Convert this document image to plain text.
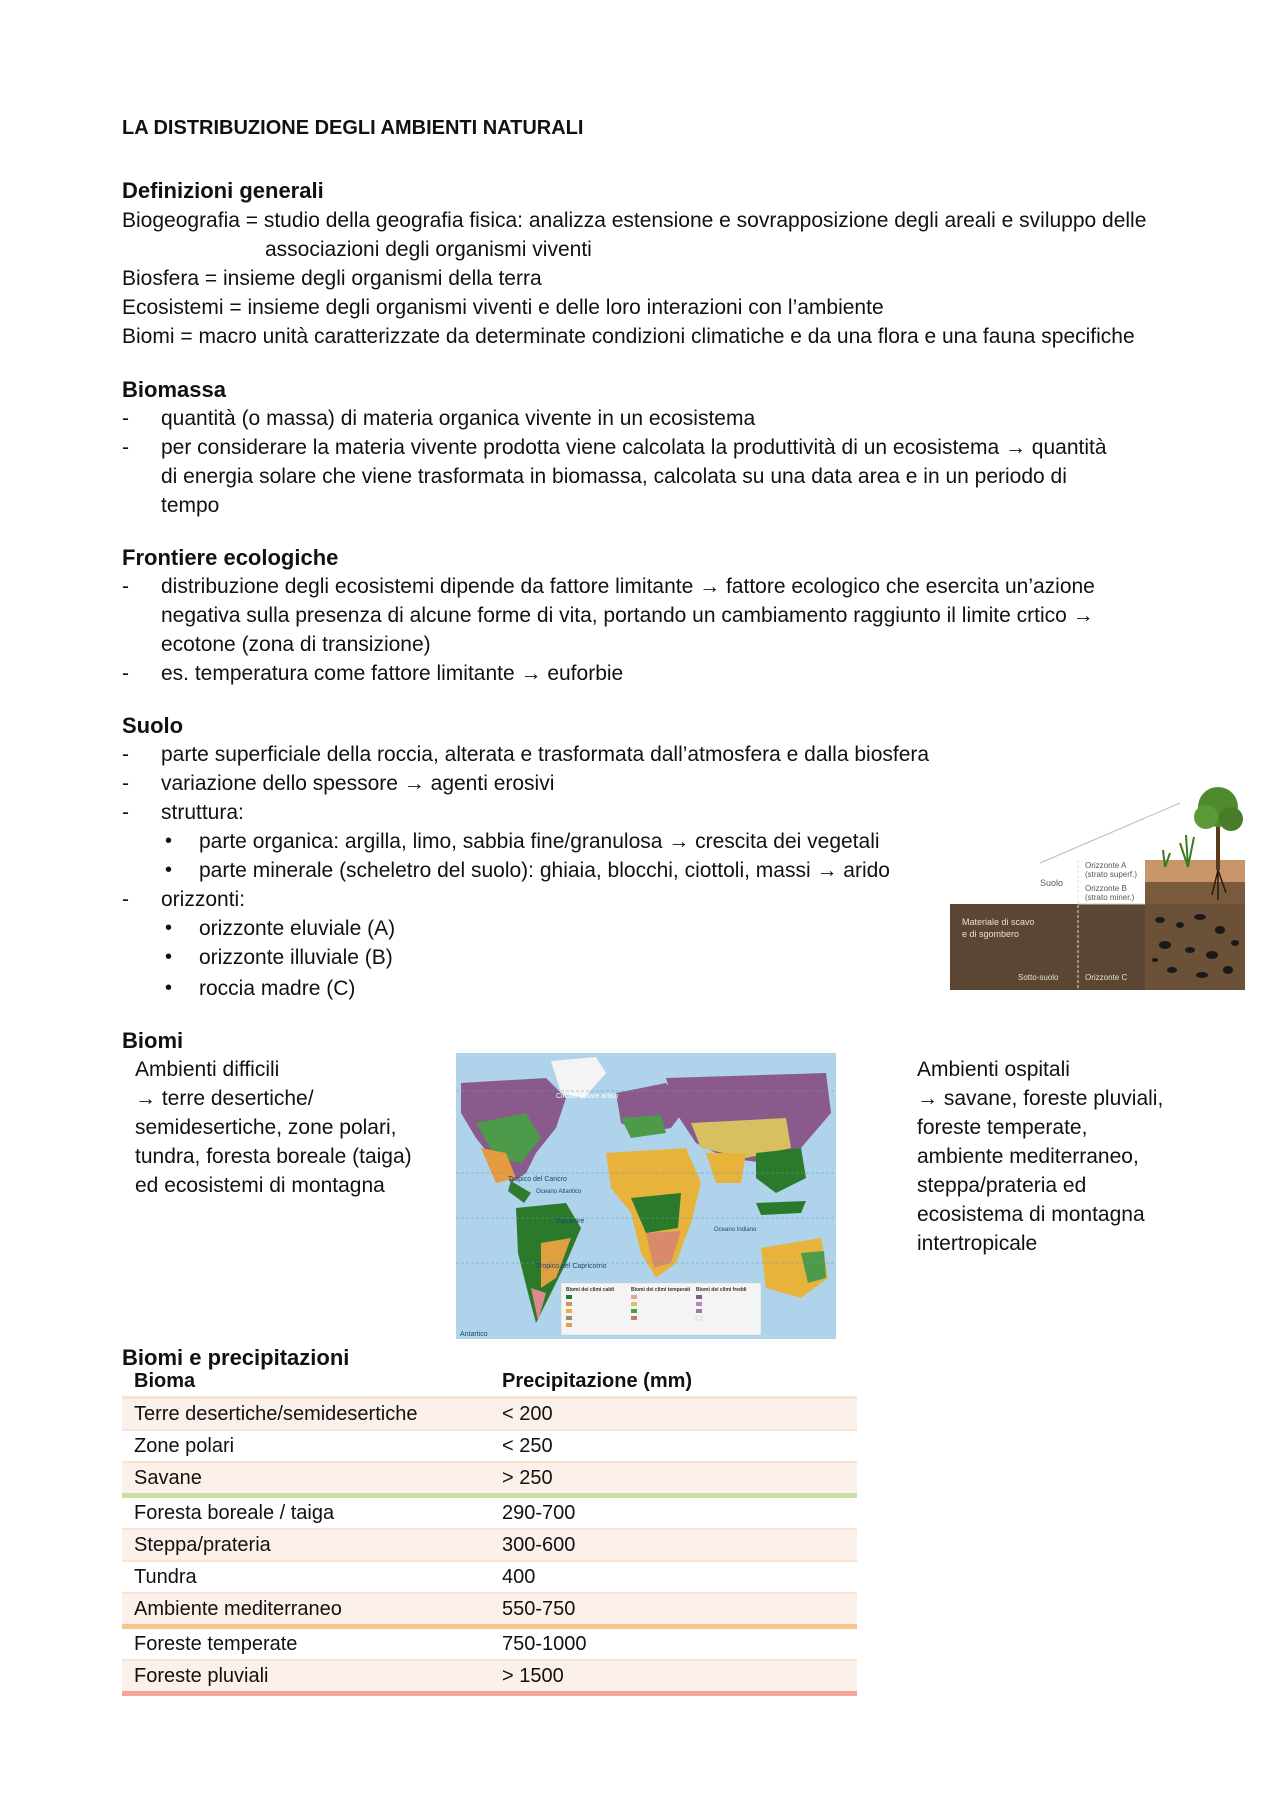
LA DISTRIBUZIONE DEGLI AMBIENTI NATURALI
Definizioni generali
Biogeografia = studio della geografia fisica: analizza estensione e sovrapposizione degli areali e sviluppo delle
associazioni degli organismi viventi
Biosfera = insieme degli organismi della terra
Ecosistemi = insieme degli organismi viventi e delle loro interazioni con l’ambiente
Biomi = macro unità caratterizzate da determinate condizioni climatiche e da una flora e una fauna specifiche
Biomassa
- quantità (o massa) di materia organica vivente in un ecosistema
- per considerare la materia vivente prodotta viene calcolata la produttività di un ecosistema → quantità
di energia solare che viene trasformata in biomassa, calcolata su una data area e in un periodo di
tempo
Frontiere ecologiche
- distribuzione degli ecosistemi dipende da fattore limitante → fattore ecologico che esercita un’azione
negativa sulla presenza di alcune forme di vita, portando un cambiamento raggiunto il limite crtico →
ecotone (zona di transizione)
- es. temperatura come fattore limitante → euforbie
Suolo
- parte superficiale della roccia, alterata e trasformata dall’atmosfera e dalla biosfera
- variazione dello spessore → agenti erosivi
- struttura:
• parte organica: argilla, limo, sabbia fine/granulosa → crescita dei vegetali
• parte minerale (scheletro del suolo): ghiaia, blocchi, ciottoli, massi → arido
- orizzonti:
• orizzonte eluviale (A)
• orizzonte illuviale (B)
• roccia madre (C)
Suolo
Orizzonte A
(strato superf.)
Orizzonte B
(strato miner.)
Materiale di scavo
e di sgombero
Sotto-suolo	Orizzonte C
Biomi
Ambienti difficili
→ terre desertiche/
semidesertiche, zone polari,
tundra, foresta boreale (taiga)
ed ecosistemi di montagna
Ambienti ospitali
→ savane, foreste pluviali,
foreste temperate,
ambiente mediterraneo,
steppa/prateria ed
ecosistema di montagna
intertropicale
Circolo polare artico
Tropico del Cancro
Oceano Atlantico
Equatore
Oceano Indiano
Tropico del Capricorno
Antartico
Biomi dei climi caldi	Biomi dei climi temperati Biomi dei climi freddi
Biomi e precipitazioni
Bioma	Precipitazione (mm)
Terre desertiche/semidesertiche	< 200
Zone polari	< 250
Savane	> 250
Foresta boreale / taiga	290-700
Steppa/prateria	300-600
Tundra	400
Ambiente mediterraneo	550-750
Foreste temperate	750-1000
Foreste pluviali	> 1500
